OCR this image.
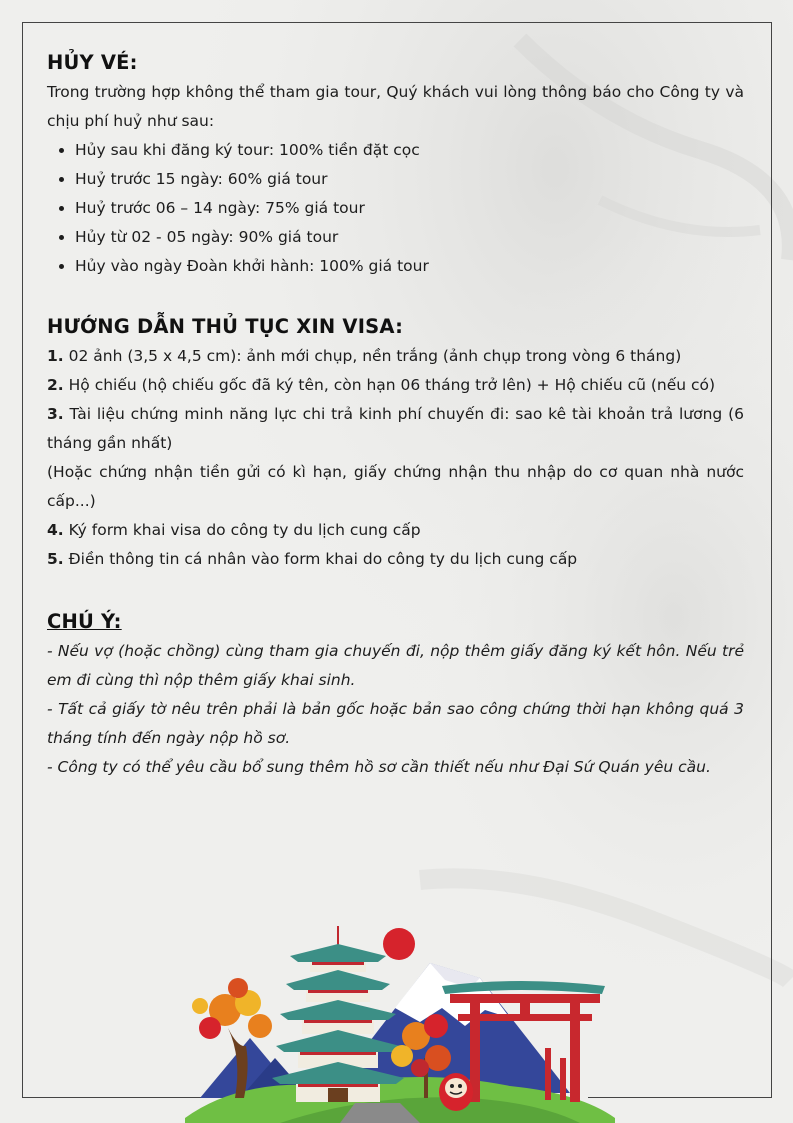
HỦY VÉ:

Trong trường hợp không thể tham gia tour, Quý khách vui lòng thông báo cho Công ty và chịu phí huỷ như sau:

Hủy sau khi đăng ký tour: 100% tiền đặt cọc
Huỷ trước 15 ngày: 60% giá tour
Huỷ trước 06 – 14 ngày: 75% giá tour
Hủy từ 02 - 05 ngày: 90% giá tour
Hủy vào ngày Đoàn khởi hành: 100% giá tour
HƯỚNG DẪN THỦ TỤC XIN VISA:

1. 02 ảnh (3,5 x 4,5 cm): ảnh mới chụp, nền trắng (ảnh chụp trong vòng 6 tháng)

2. Hộ chiếu (hộ chiếu gốc đã ký tên, còn hạn 06 tháng trở lên) + Hộ chiếu cũ (nếu có)

3. Tài liệu chứng minh năng lực chi trả kinh phí chuyến đi: sao kê tài khoản trả lương (6 tháng gần nhất)

(Hoặc chứng nhận tiền gửi có kì hạn, giấy chứng nhận thu nhập do cơ quan nhà nước cấp...)

4. Ký form khai visa do công ty du lịch cung cấp

5. Điền thông tin cá nhân vào form khai do công ty du lịch cung cấp

CHÚ Ý:

- Nếu vợ (hoặc chồng) cùng tham gia chuyến đi, nộp thêm giấy đăng ký kết hôn. Nếu trẻ em đi cùng thì nộp thêm giấy khai sinh.

- Tất cả giấy tờ nêu trên phải là bản gốc hoặc bản sao công chứng thời hạn không quá 3 tháng tính đến ngày nộp hồ sơ.

- Công ty có thể yêu cầu bổ sung thêm hồ sơ cần thiết nếu như Đại Sứ Quán yêu cầu.
